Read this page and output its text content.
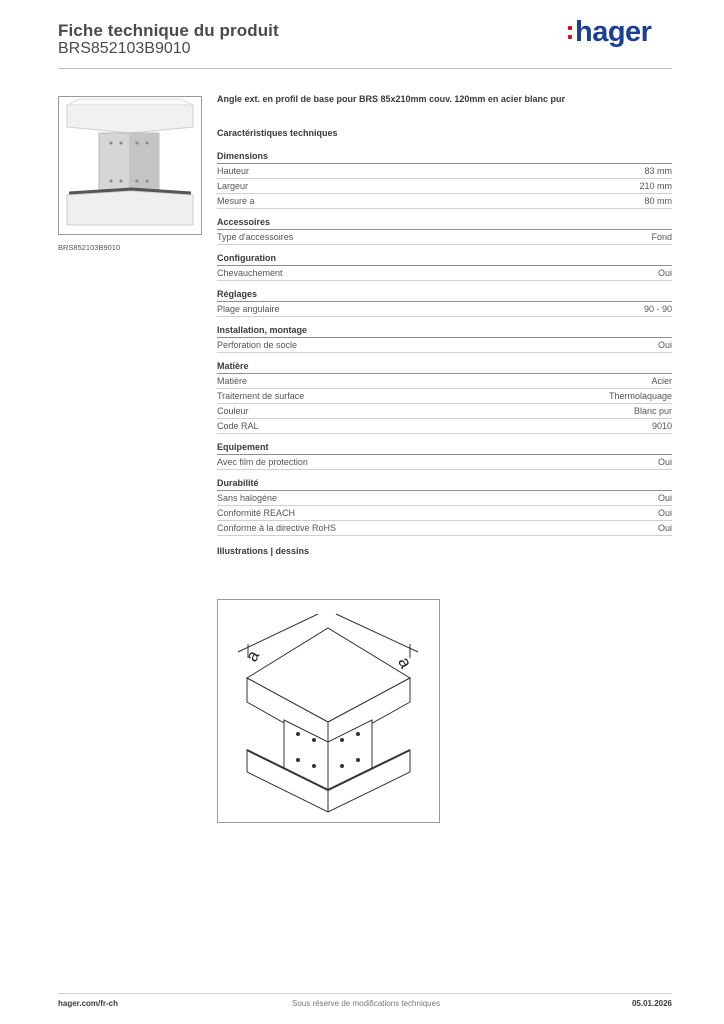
Fiche technique du produit
BRS852103B9010
hager
BRS852103B9010
Angle ext. en profil de base pour BRS 85x210mm couv. 120mm en acier blanc pur
Caractéristiques techniques
Dimensions
Hauteur	83 mm
Largeur	210 mm
Mesure a	80 mm
Accessoires
Type d'accessoires	Fond
Configuration
Chevauchement	Oui
Réglages
Plage angulaire	90 - 90
Installation, montage
Perforation de socle	Oui
Matière
Matière	Acier
Traitement de surface	Thermolaquage
Couleur	Blanc pur
Code RAL	9010
Equipement
Avec film de protection	Oui
Durabilité
Sans halogène	Oui
Conformité REACH	Oui
Conforme à la directive RoHS	Oui
Illustrations | dessins
a	a
hager.com/fr-ch	Sous réserve de modifications techniques	05.01.2026
